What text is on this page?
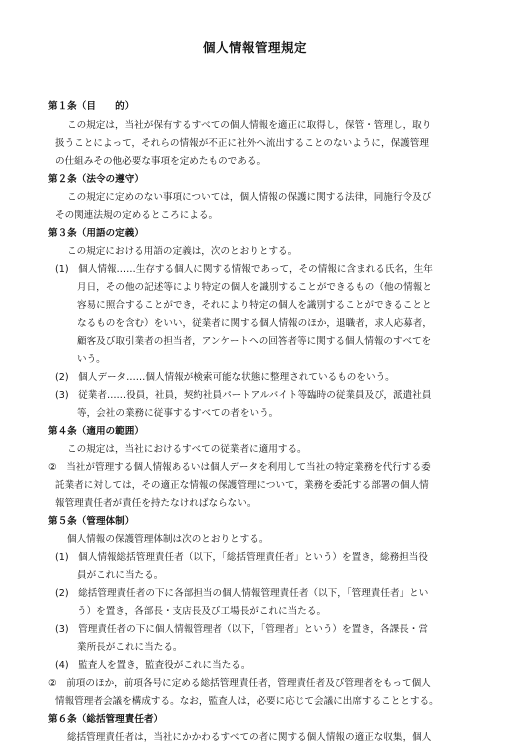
個人情報管理規定
第１条（目　　的）
この規定は，当社が保有するすべての個人情報を適正に取得し，保管・管理し，取り
扱うことによって，それらの情報が不正に社外へ流出することのないように，保護管理
の仕組みその他必要な事項を定めたものである。
第２条（法令の遵守）
この規定に定めのない事項については，個人情報の保護に関する法律，同施行令及び
その関連法規の定めるところによる。
第３条（用語の定義）
この規定における用語の定義は，次のとおりとする。
(1)　個人情報……生存する個人に関する情報であって，その情報に含まれる氏名，生年
月日，その他の記述等により特定の個人を識別することができるもの（他の情報と
容易に照合することができ，それにより特定の個人を識別することができることと
なるものを含む）をいい，従業者に関する個人情報のほか，退職者，求人応募者，
顧客及び取引業者の担当者，アンケートへの回答者等に関する個人情報のすべてを
いう。
(2)　個人データ……個人情報が検索可能な状態に整理されているものをいう。
(3)　従業者……役員，社員，契約社員パートアルバイト等臨時の従業員及び，派遣社員
等，会社の業務に従事するすべての者をいう。
第４条（適用の範囲）
この規定は，当社におけるすべての従業者に適用する。
②　当社が管理する個人情報あるいは個人データを利用して当社の特定業務を代行する委
託業者に対しては，その適正な情報の保護管理について，業務を委託する部署の個人情
報管理責任者が責任を持たなければならない。
第５条（管理体制）
個人情報の保護管理体制は次のとおりとする。
(1)　個人情報総括管理責任者（以下，「総括管理責任者」という）を置き，総務担当役
員がこれに当たる。
(2)　総括管理責任者の下に各部担当の個人情報管理責任者（以下，「管理責任者」とい
う）を置き，各部長・支店長及び工場長がこれに当たる。
(3)　管理責任者の下に個人情報管理者（以下，「管理者」という）を置き，各課長・営
業所長がこれに当たる。
(4)　監査人を置き，監査役がこれに当たる。
②　前項のほか，前項各号に定める総括管理責任者，管理責任者及び管理者をもって個人
情報管理者会議を構成する。なお，監査人は，必要に応じて会議に出席することとする。
第６条（総括管理責任者）
総括管理責任者は，当社にかかわるすべての者に関する個人情報の適正な収集，個人
